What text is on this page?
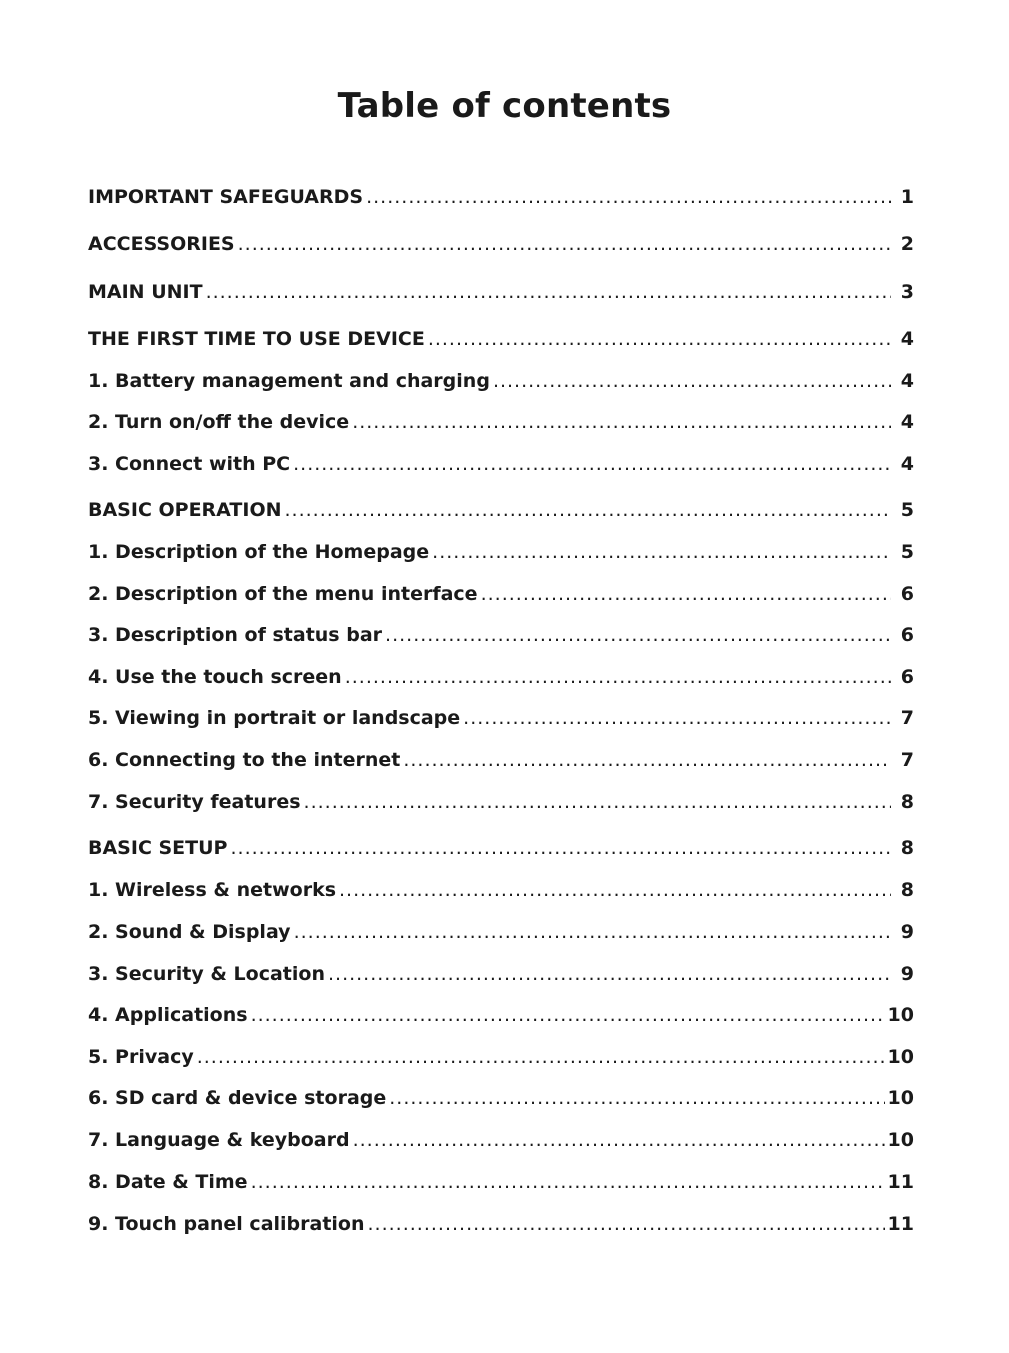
Table of contents
IMPORTANT SAFEGUARDS .....	1
ACCESSORIES .....	2
MAIN UNIT .....	3
THE FIRST TIME TO USE DEVICE .....	4
1. Battery management and charging .....	4
2. Turn on/off the device .....	4
3. Connect with PC .....	4
BASIC OPERATION .....	5
1. Description of the Homepage .....	5
2. Description of the menu interface .....	6
3. Description of status bar .....	6
4. Use the touch screen .....	6
5. Viewing in portrait or landscape .....	7
6. Connecting to the internet .....	7
7. Security features .....	8
BASIC SETUP .....	8
1. Wireless & networks .....	8
2. Sound & Display .....	9
3. Security & Location .....	9
4. Applications .....	10
5. Privacy .....	10
6. SD card & device storage .....	10
7. Language & keyboard .....	10
8. Date & Time .....	11
9. Touch panel calibration .....	11
